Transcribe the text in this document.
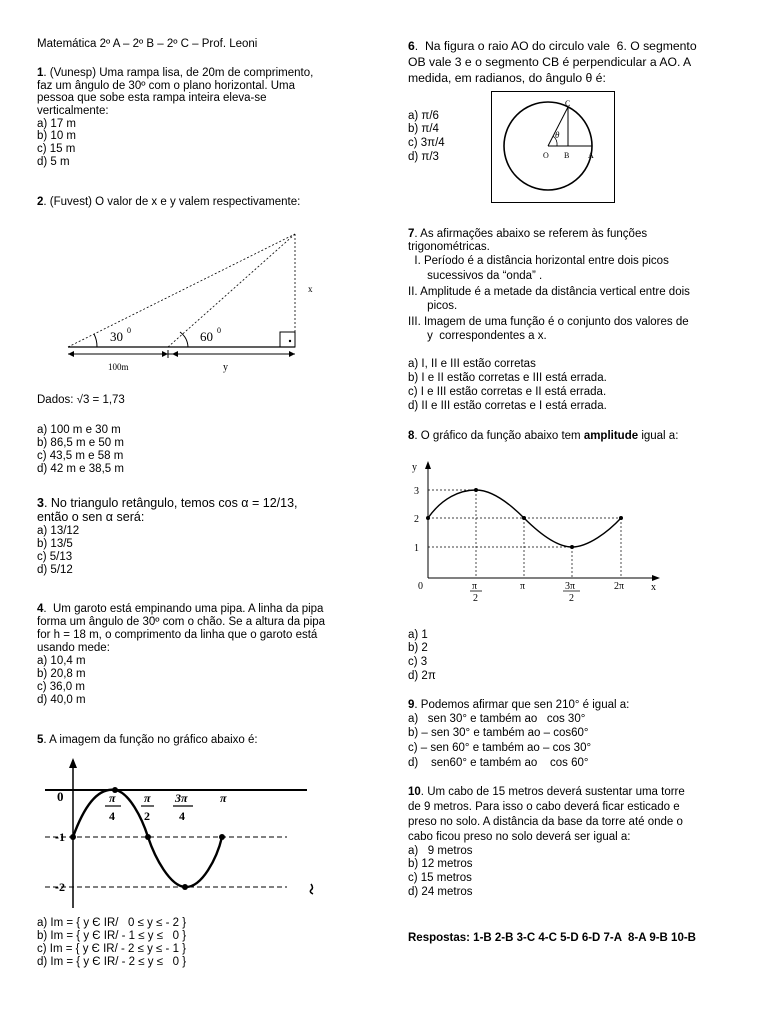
Matemática 2º A – 2º B – 2º C – Prof. Leoni
1. (Vunesp) Uma rampa lisa, de 20m de comprimento,
faz um ângulo de 30º com o plano horizontal. Uma
pessoa que sobe esta rampa inteira eleva-se
verticalmente:
a) 17 m
b) 10 m
c) 15 m
d) 5 m
2. (Fuvest) O valor de x e y valem respectivamente:
30 0	60 0
100m	y
x
Dados: √3 = 1,73
a) 100 m e 30 m
b) 86,5 m e 50 m
c) 43,5 m e 58 m
d) 42 m e 38,5 m
3. No triangulo retângulo, temos cos α = 12/13,
então o sen α será:
a) 13/12
b) 13/5
c) 5/13
d) 5/12
4.  Um garoto está empinando uma pipa. A linha da pipa
forma um ângulo de 30º com o chão. Se a altura da pipa
for h = 18 m, o comprimento da linha que o garoto está
usando mede:
a) 10,4 m
b) 20,8 m
c) 36,0 m
d) 40,0 m
5. A imagem da função no gráfico abaixo é:
0
-1
-2
π
4
π
2
3π
4
π
a) Im = { y Є IR/   0 ≤ y ≤ - 2 }
b) Im = { y Є IR/ - 1 ≤ y ≤   0 }
c) Im = { y Є IR/ - 2 ≤ y ≤ - 1 }
d) Im = { y Є IR/ - 2 ≤ y ≤   0 }
6.  Na figura o raio AO do circulo vale  6. O segmento
OB vale 3 e o segmento CB é perpendicular a AO. A
medida, em radianos, do ângulo θ é:
a) π/6
b) π/4
c) 3π/4
d) π/3
C
O B A
θ
7. As afirmações abaixo se referem às funções
trigonométricas.
I. Período é a distância horizontal entre dois picos
sucessivos da “onda” .
II. Amplitude é a metade da distância vertical entre dois
picos.
III. Imagem de uma função é o conjunto dos valores de
y  correspondentes a x.
a) I, II e III estão corretas
b) I e II estão corretas e III está errada.
c) I e III estão corretas e II está errada.
d) II e III estão corretas e I está errada.
8. O gráfico da função abaixo tem amplitude igual a:
y
3
2
1
0	π
2
π	3π
2
2π	x
a) 1
b) 2
c) 3
d) 2π
9. Podemos afirmar que sen 210° é igual a:
a)   sen 30° e também ao   cos 30°
b) – sen 30° e também ao – cos60°
c) – sen 60° e também ao – cos 30°
d)    sen60° e também ao    cos 60°
10. Um cabo de 15 metros deverá sustentar uma torre
de 9 metros. Para isso o cabo deverá ficar esticado e
preso no solo. A distância da base da torre até onde o
cabo ficou preso no solo deverá ser igual a:
a)   9 metros
b) 12 metros
c) 15 metros
d) 24 metros
Respostas: 1-B 2-B 3-C 4-C 5-D 6-D 7-A  8-A 9-B 10-B
